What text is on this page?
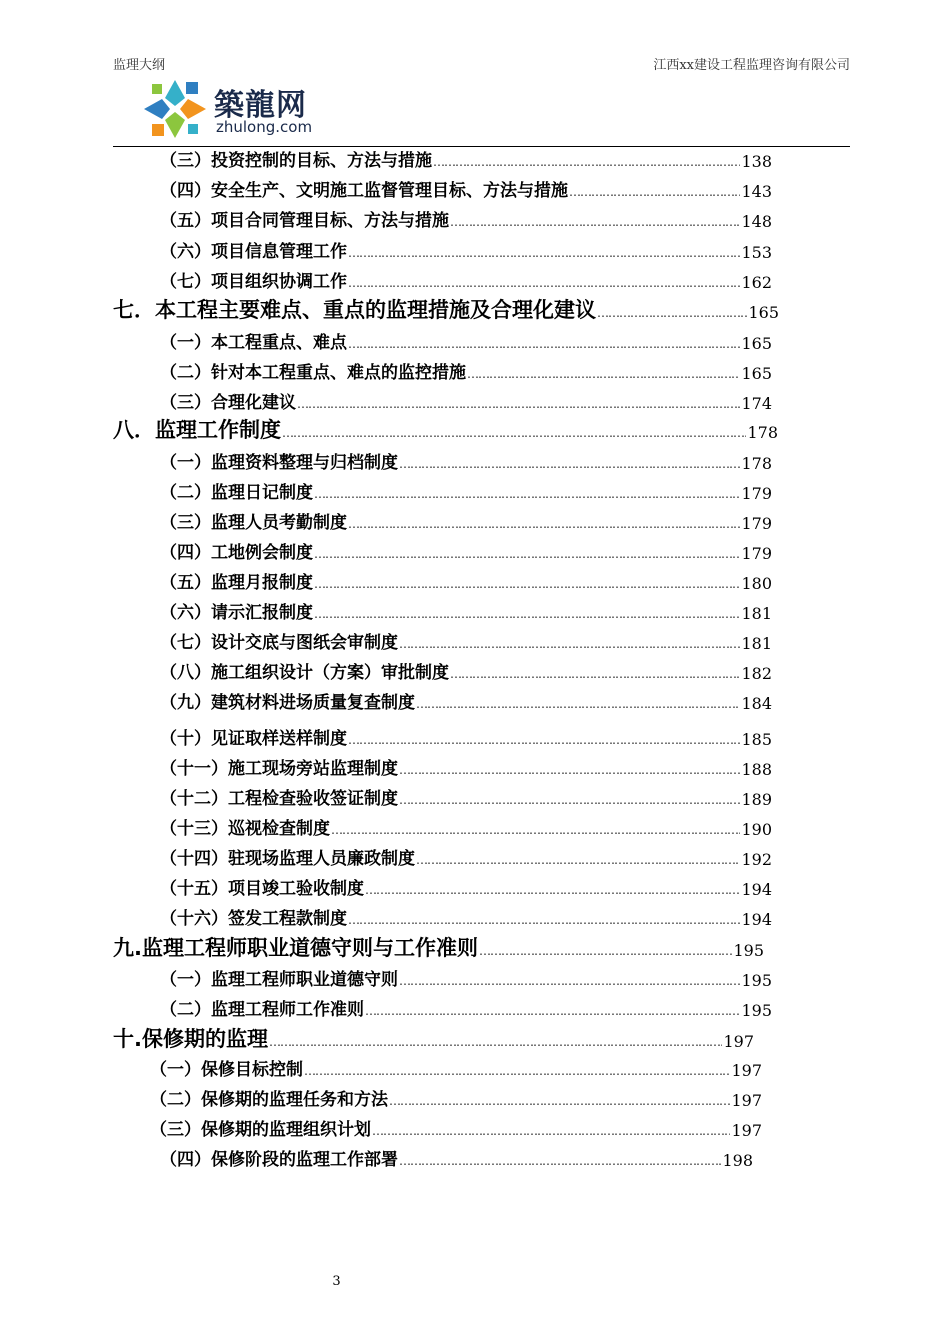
监理大纲	江西xx建设工程监理咨询有限公司
築龍网
zhulong.com
（三）投资控制的目标、方法与措施 ……………………………………………………………………………………………………………………………………………………………………………………………	138
（四）安全生产、文明施工监督管理目标、方法与措施 ……………………………………………………………………………………………………………………………………………………………………………………………	143
（五）项目合同管理目标、方法与措施 ……………………………………………………………………………………………………………………………………………………………………………………………	148
（六）项目信息管理工作 ……………………………………………………………………………………………………………………………………………………………………………………………	153
（七）项目组织协调工作 ……………………………………………………………………………………………………………………………………………………………………………………………	162
七．本工程主要难点、重点的监理措施及合理化建议 ……………………………………………………………………………………………………………………………………………………………………………………………	165
（一）本工程重点、难点 ……………………………………………………………………………………………………………………………………………………………………………………………	165
（二）针对本工程重点、难点的监控措施 ……………………………………………………………………………………………………………………………………………………………………………………………	165
（三）合理化建议 ……………………………………………………………………………………………………………………………………………………………………………………………	174
八．监理工作制度 ……………………………………………………………………………………………………………………………………………………………………………………………	178
（一）监理资料整理与归档制度 ……………………………………………………………………………………………………………………………………………………………………………………………	178
（二）监理日记制度 ……………………………………………………………………………………………………………………………………………………………………………………………	179
（三）监理人员考勤制度 ……………………………………………………………………………………………………………………………………………………………………………………………	179
（四）工地例会制度 ……………………………………………………………………………………………………………………………………………………………………………………………	179
（五）监理月报制度 ……………………………………………………………………………………………………………………………………………………………………………………………	180
（六）请示汇报制度 ……………………………………………………………………………………………………………………………………………………………………………………………	181
（七）设计交底与图纸会审制度 ……………………………………………………………………………………………………………………………………………………………………………………………	181
（八）施工组织设计（方案）审批制度 ……………………………………………………………………………………………………………………………………………………………………………………………	182
（九）建筑材料进场质量复查制度 ……………………………………………………………………………………………………………………………………………………………………………………………	184
（十）见证取样送样制度 ……………………………………………………………………………………………………………………………………………………………………………………………	185
（十一）施工现场旁站监理制度 ……………………………………………………………………………………………………………………………………………………………………………………………	188
（十二）工程检查验收签证制度 ……………………………………………………………………………………………………………………………………………………………………………………………	189
（十三）巡视检查制度 ……………………………………………………………………………………………………………………………………………………………………………………………	190
（十四）驻现场监理人员廉政制度 ……………………………………………………………………………………………………………………………………………………………………………………………	192
（十五）项目竣工验收制度 ……………………………………………………………………………………………………………………………………………………………………………………………	194
（十六）签发工程款制度 ……………………………………………………………………………………………………………………………………………………………………………………………	194
九.监理工程师职业道德守则与工作准则 ……………………………………………………………………………………………………………………………………………………………………………………………	195
（一）监理工程师职业道德守则 ……………………………………………………………………………………………………………………………………………………………………………………………	195
（二）监理工程师工作准则 ……………………………………………………………………………………………………………………………………………………………………………………………	195
十.保修期的监理 ……………………………………………………………………………………………………………………………………………………………………………………………	197
（一）保修目标控制 ……………………………………………………………………………………………………………………………………………………………………………………………	197
（二）保修期的监理任务和方法 ……………………………………………………………………………………………………………………………………………………………………………………………	197
（三）保修期的监理组织计划 ……………………………………………………………………………………………………………………………………………………………………………………………	197
（四）保修阶段的监理工作部署 ……………………………………………………………………………………………………………………………………………………………………………………………	198
3
